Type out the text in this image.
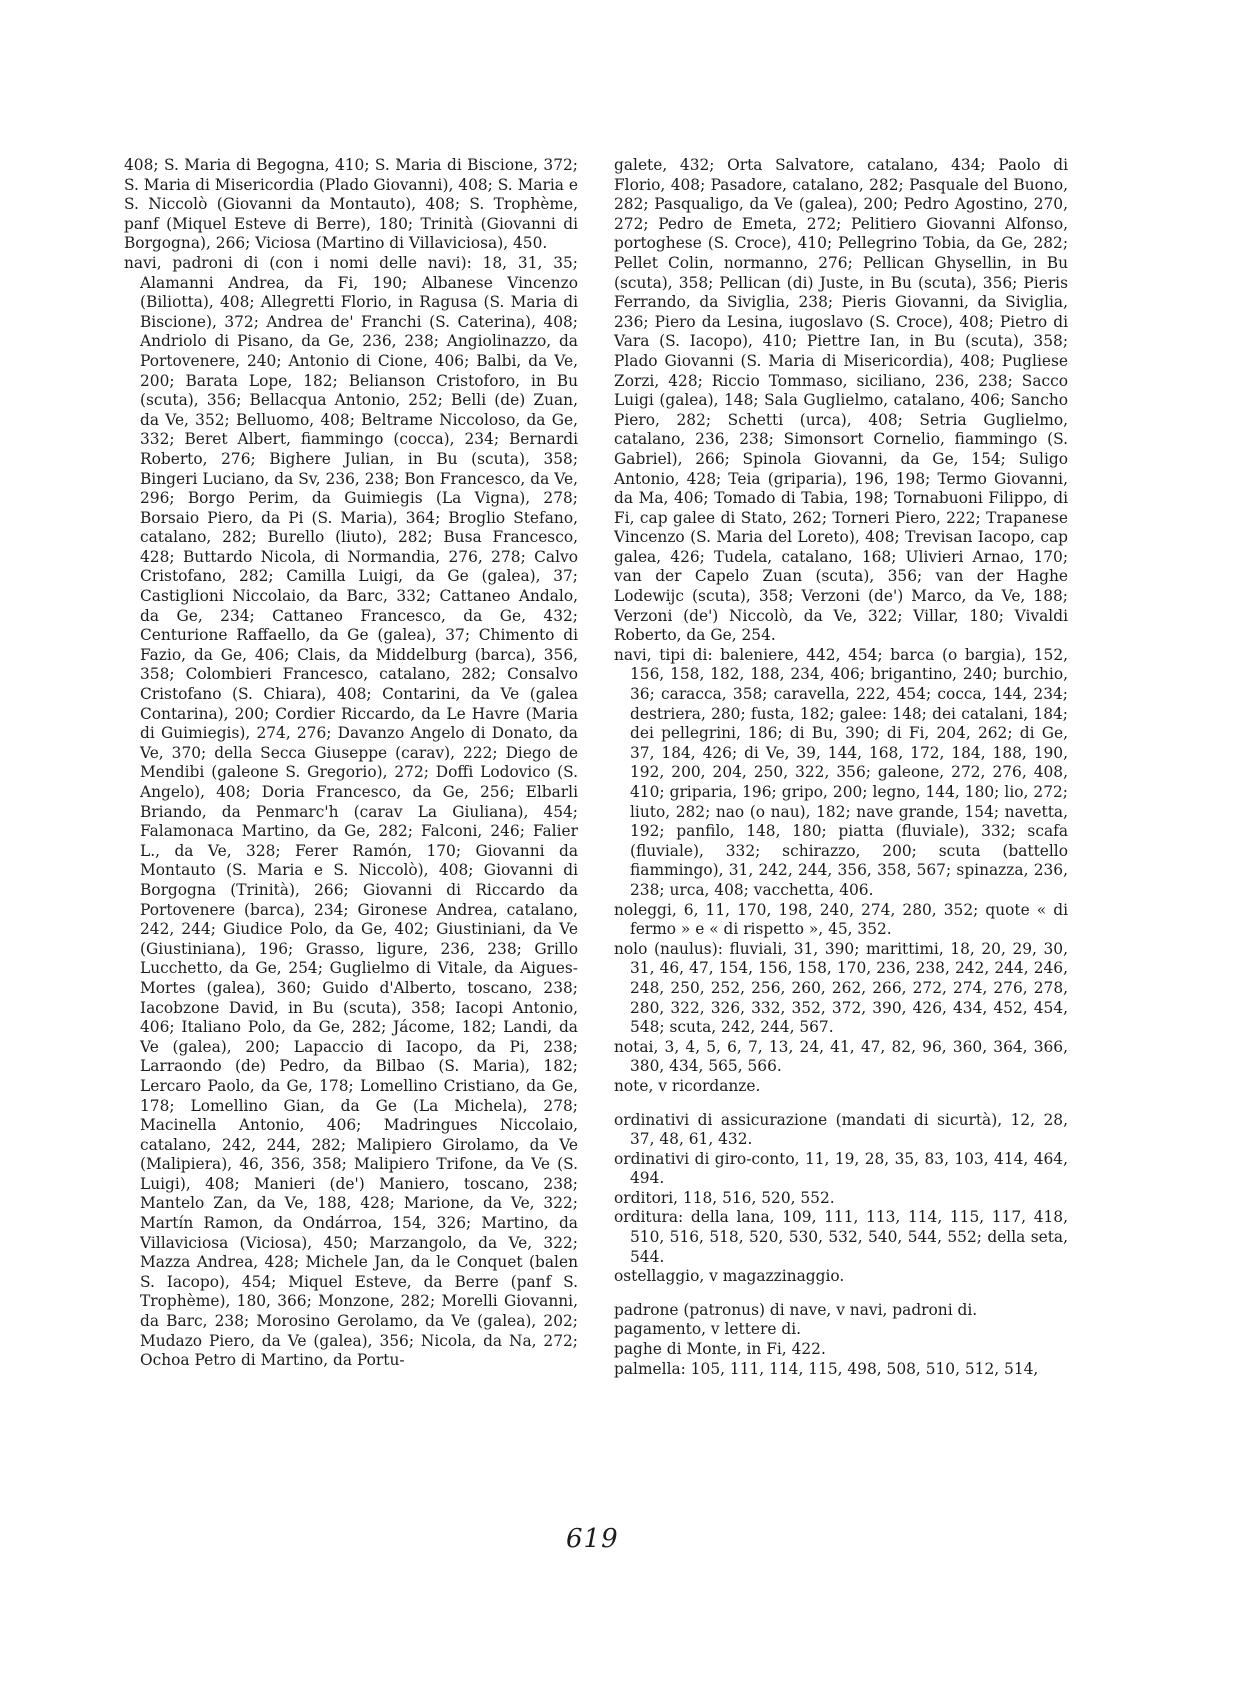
408; S. Maria di Begogna, 410; S. Maria di Biscione, 372; S. Maria di Misericordia (Plado Giovanni), 408; S. Maria e S. Niccolò (Giovanni da Montauto), 408; S. Trophème, panf (Miquel Esteve di Berre), 180; Trinità (Giovanni di Borgogna), 266; Viciosa (Martino di Villaviciosa), 450.

navi, padroni di (con i nomi delle navi): 18, 31, 35; Alamanni Andrea, da Fi, 190; Albanese Vincenzo (Biliotta), 408; Allegretti Florio, in Ragusa (S. Maria di Biscione), 372; Andrea de' Franchi (S. Caterina), 408; Andriolo di Pisano, da Ge, 236, 238; Angiolinazzo, da Portovenere, 240; Antonio di Cione, 406; Balbi, da Ve, 200; Barata Lope, 182; Belianson Cristoforo, in Bu (scuta), 356; Bellacqua Antonio, 252; Belli (de) Zuan, da Ve, 352; Belluomo, 408; Beltrame Niccoloso, da Ge, 332; Beret Albert, fiammingo (cocca), 234; Bernardi Roberto, 276; Bighere Julian, in Bu (scuta), 358; Bingeri Luciano, da Sv, 236, 238; Bon Francesco, da Ve, 296; Borgo Perim, da Guimiegis (La Vigna), 278; Borsaio Piero, da Pi (S. Maria), 364; Broglio Stefano, catalano, 282; Burello (liuto), 282; Busa Francesco, 428; Buttardo Nicola, di Normandia, 276, 278; Calvo Cristofano, 282; Camilla Luigi, da Ge (galea), 37; Castiglioni Niccolaio, da Barc, 332; Cattaneo Andalo, da Ge, 234; Cattaneo Francesco, da Ge, 432; Centurione Raffaello, da Ge (galea), 37; Chimento di Fazio, da Ge, 406; Clais, da Middelburg (barca), 356, 358; Colombieri Francesco, catalano, 282; Consalvo Cristofano (S. Chiara), 408; Contarini, da Ve (galea Contarina), 200; Cordier Riccardo, da Le Havre (Maria di Guimiegis), 274, 276; Davanzo Angelo di Donato, da Ve, 370; della Secca Giuseppe (carav), 222; Diego de Mendibi (galeone S. Gregorio), 272; Doffi Lodovico (S. Angelo), 408; Doria Francesco, da Ge, 256; Elbarli Briando, da Penmarc'h (carav La Giuliana), 454; Falamonaca Martino, da Ge, 282; Falconi, 246; Falier L., da Ve, 328; Ferer Ramón, 170; Giovanni da Montauto (S. Maria e S. Niccolò), 408; Giovanni di Borgogna (Trinità), 266; Giovanni di Riccardo da Portovenere (barca), 234; Gironese Andrea, catalano, 242, 244; Giudice Polo, da Ge, 402; Giustiniani, da Ve (Giustiniana), 196; Grasso, ligure, 236, 238; Grillo Lucchetto, da Ge, 254; Guglielmo di Vitale, da Aigues-Mortes (galea), 360; Guido d'Alberto, toscano, 238; Iacobzone David, in Bu (scuta), 358; Iacopi Antonio, 406; Italiano Polo, da Ge, 282; Jácome, 182; Landi, da Ve (galea), 200; Lapaccio di Iacopo, da Pi, 238; Larraondo (de) Pedro, da Bilbao (S. Maria), 182; Lercaro Paolo, da Ge, 178; Lomellino Cristiano, da Ge, 178; Lomellino Gian, da Ge (La Michela), 278; Macinella Antonio, 406; Madringues Niccolaio, catalano, 242, 244, 282; Malipiero Girolamo, da Ve (Malipiera), 46, 356, 358; Malipiero Trifone, da Ve (S. Luigi), 408; Manieri (de') Maniero, toscano, 238; Mantelo Zan, da Ve, 188, 428; Marione, da Ve, 322; Martín Ramon, da Ondárroa, 154, 326; Martino, da Villaviciosa (Viciosa), 450; Marzangolo, da Ve, 322; Mazza Andrea, 428; Michele Jan, da le Conquet (balen S. Iacopo), 454; Miquel Esteve, da Berre (panf S. Trophème), 180, 366; Monzone, 282; Morelli Giovanni, da Barc, 238; Morosino Gerolamo, da Ve (galea), 202; Mudazo Piero, da Ve (galea), 356; Nicola, da Na, 272; Ochoa Petro di Martino, da Portu-

galete, 432; Orta Salvatore, catalano, 434; Paolo di Florio, 408; Pasadore, catalano, 282; Pasquale del Buono, 282; Pasqualigo, da Ve (galea), 200; Pedro Agostino, 270, 272; Pedro de Emeta, 272; Pelitiero Giovanni Alfonso, portoghese (S. Croce), 410; Pellegrino Tobia, da Ge, 282; Pellet Colin, normanno, 276; Pellican Ghysellin, in Bu (scuta), 358; Pellican (di) Juste, in Bu (scuta), 356; Pieris Ferrando, da Siviglia, 238; Pieris Giovanni, da Siviglia, 236; Piero da Lesina, iugoslavo (S. Croce), 408; Pietro di Vara (S. Iacopo), 410; Piettre Ian, in Bu (scuta), 358; Plado Giovanni (S. Maria di Misericordia), 408; Pugliese Zorzi, 428; Riccio Tommaso, siciliano, 236, 238; Sacco Luigi (galea), 148; Sala Guglielmo, catalano, 406; Sancho Piero, 282; Schetti (urca), 408; Setria Guglielmo, catalano, 236, 238; Simonsort Cornelio, fiammingo (S. Gabriel), 266; Spinola Giovanni, da Ge, 154; Suligo Antonio, 428; Teia (griparia), 196, 198; Termo Giovanni, da Ma, 406; Tomado di Tabia, 198; Tornabuoni Filippo, di Fi, cap galee di Stato, 262; Torneri Piero, 222; Trapanese Vincenzo (S. Maria del Loreto), 408; Trevisan Iacopo, cap galea, 426; Tudela, catalano, 168; Ulivieri Arnao, 170; van der Capelo Zuan (scuta), 356; van der Haghe Lodewijc (scuta), 358; Verzoni (de') Marco, da Ve, 188; Verzoni (de') Niccolò, da Ve, 322; Villar, 180; Vivaldi Roberto, da Ge, 254.

navi, tipi di: baleniere, 442, 454; barca (o bargia), 152, 156, 158, 182, 188, 234, 406; brigantino, 240; burchio, 36; caracca, 358; caravella, 222, 454; cocca, 144, 234; destriera, 280; fusta, 182; galee: 148; dei catalani, 184; dei pellegrini, 186; di Bu, 390; di Fi, 204, 262; di Ge, 37, 184, 426; di Ve, 39, 144, 168, 172, 184, 188, 190, 192, 200, 204, 250, 322, 356; galeone, 272, 276, 408, 410; griparia, 196; gripo, 200; legno, 144, 180; lio, 272; liuto, 282; nao (o nau), 182; nave grande, 154; navetta, 192; panfilo, 148, 180; piatta (fluviale), 332; scafa (fluviale), 332; schirazzo, 200; scuta (battello fiammingo), 31, 242, 244, 356, 358, 567; spinazza, 236, 238; urca, 408; vacchetta, 406.

noleggi, 6, 11, 170, 198, 240, 274, 280, 352; quote « di fermo » e « di rispetto », 45, 352.

nolo (naulus): fluviali, 31, 390; marittimi, 18, 20, 29, 30, 31, 46, 47, 154, 156, 158, 170, 236, 238, 242, 244, 246, 248, 250, 252, 256, 260, 262, 266, 272, 274, 276, 278, 280, 322, 326, 332, 352, 372, 390, 426, 434, 452, 454, 548; scuta, 242, 244, 567.

notai, 3, 4, 5, 6, 7, 13, 24, 41, 47, 82, 96, 360, 364, 366, 380, 434, 565, 566.

note, v ricordanze.

ordinativi di assicurazione (mandati di sicurtà), 12, 28, 37, 48, 61, 432.

ordinativi di giro-conto, 11, 19, 28, 35, 83, 103, 414, 464, 494.

orditori, 118, 516, 520, 552.

orditura: della lana, 109, 111, 113, 114, 115, 117, 418, 510, 516, 518, 520, 530, 532, 540, 544, 552; della seta, 544.

ostellaggio, v magazzinaggio.

padrone (patronus) di nave, v navi, padroni di.

pagamento, v lettere di.

paghe di Monte, in Fi, 422.

palmella: 105, 111, 114, 115, 498, 508, 510, 512, 514,

619
